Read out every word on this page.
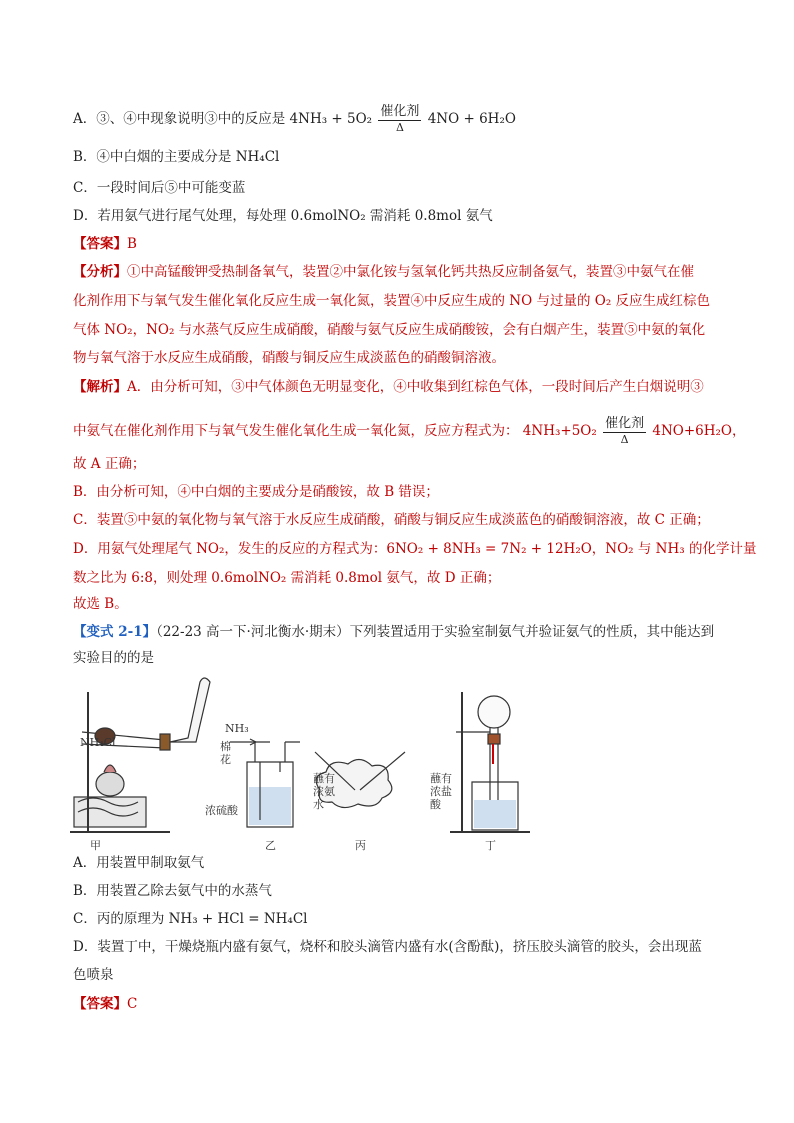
A．③、④中现象说明③中的反应是 $4NH_3 + 5O_2 \frac{\text{催化剂}}{\Delta} 4NO + 6H_2O$
B．④中白烟的主要成分是 NH₄Cl
C．一段时间后⑤中可能变蓝
D．若用氨气进行尾气处理，每处理 0.6molNO₂ 需消耗 0.8mol 氨气
【答案】B
【分析】①中高锰酸钾受热制备氧气，装置②中氯化铵与氢氧化钙共热反应制备氨气，装置③中氨气在催
化剂作用下与氧气发生催化氧化反应生成一氧化氮，装置④中反应生成的 NO 与过量的 O₂ 反应生成红棕色
气体 NO₂，NO₂ 与水蒸气反应生成硝酸，硝酸与氨气反应生成硝酸铵，会有白烟产生，装置⑤中氨的氧化
物与氧气溶于水反应生成硝酸，硝酸与铜反应生成淡蓝色的硝酸铜溶液。
【解析】A．由分析可知，③中气体颜色无明显变化，④中收集到红棕色气体，一段时间后产生白烟说明③
中氨气在催化剂作用下与氧气发生催化氧化生成一氧化氮，反应方程式为： $4NH_3+5O_2 \frac{\text{催化剂}}{\Delta} 4NO+6H_2O$，
故 A 正确；
B．由分析可知，④中白烟的主要成分是硝酸铵，故 B 错误；
C．装置⑤中氨的氧化物与氧气溶于水反应生成硝酸，硝酸与铜反应生成淡蓝色的硝酸铜溶液，故 C 正确；
D．用氨气处理尾气 NO₂，发生的反应的方程式为：6NO₂ + 8NH₃ = 7N₂ + 12H₂O，NO₂ 与 NH₃ 的化学计量
数之比为 6:8，则处理 0.6molNO₂ 需消耗 0.8mol 氨气，故 D 正确；
故选 B。
【变式 2-1】（22-23 高一下·河北衡水·期末）下列装置适用于实验室制氨气并验证氨气的性质，其中能达到
实验目的的是
NH₄Cl	棉花
NH₃
浓硫酸
蘸有浓氨水
蘸有浓盐酸
甲	乙	丙	丁
A．用装置甲制取氨气
B．用装置乙除去氨气中的水蒸气
C．丙的原理为 NH₃ + HCl = NH₄Cl
D．装置丁中，干燥烧瓶内盛有氨气，烧杯和胶头滴管内盛有水(含酚酞)，挤压胶头滴管的胶头，会出现蓝
色喷泉
【答案】C
